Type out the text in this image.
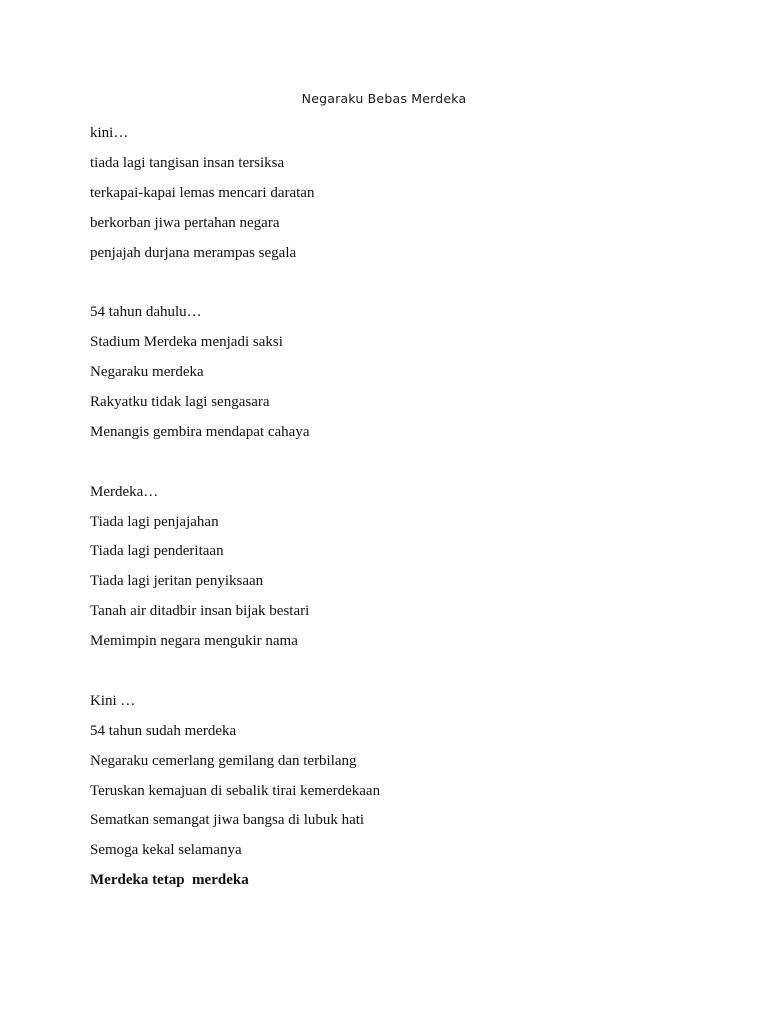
Negaraku Bebas Merdeka
kini…
tiada lagi tangisan insan tersiksa
terkapai-kapai lemas mencari daratan
berkorban jiwa pertahan negara
penjajah durjana merampas segala
54 tahun dahulu…
Stadium Merdeka menjadi saksi
Negaraku merdeka
Rakyatku tidak lagi sengasara
Menangis gembira mendapat cahaya
Merdeka…
Tiada lagi penjajahan
Tiada lagi penderitaan
Tiada lagi jeritan penyiksaan
Tanah air ditadbir insan bijak bestari
Memimpin negara mengukir nama
Kini …
54 tahun sudah merdeka
Negaraku cemerlang gemilang dan terbilang
Teruskan kemajuan di sebalik tirai kemerdekaan
Sematkan semangat jiwa bangsa di lubuk hati
Semoga kekal selamanya
Merdeka tetap  merdeka
